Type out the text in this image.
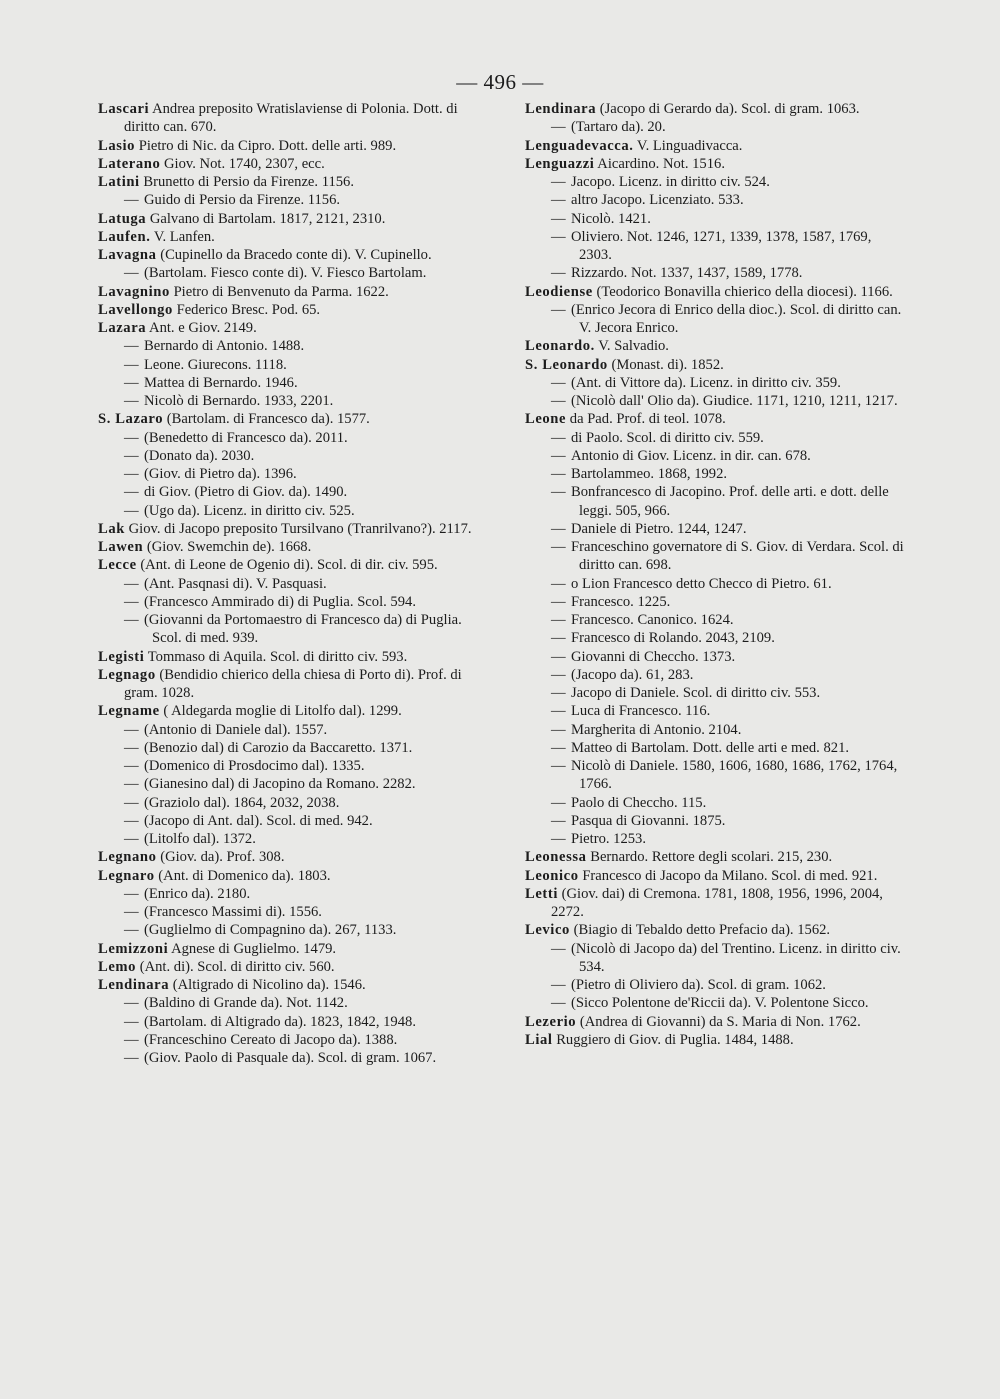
— 496 —

Lascari Andrea preposito Wratislaviense di Polonia. Dott. di diritto can. 670.

Lasio Pietro di Nic. da Cipro. Dott. delle arti. 989.

Laterano Giov. Not. 1740, 2307, ecc.

Latini Brunetto di Persio da Firenze. 1156.

— Guido di Persio da Firenze. 1156.

Latuga Galvano di Bartolam. 1817, 2121, 2310.

Laufen. V. Lanfen.

Lavagna (Cupinello da Bracedo conte di). V. Cupinello.

— (Bartolam. Fiesco conte di). V. Fiesco Bartolam.

Lavagnino Pietro di Benvenuto da Parma. 1622.

Lavellongo Federico Bresc. Pod. 65.

Lazara Ant. e Giov. 2149.

— Bernardo di Antonio. 1488.

— Leone. Giurecons. 1118.

— Mattea di Bernardo. 1946.

— Nicolò di Bernardo. 1933, 2201.

S. Lazaro (Bartolam. di Francesco da). 1577.

— (Benedetto di Francesco da). 2011.

— (Donato da). 2030.

— (Giov. di Pietro da). 1396.

— di Giov. (Pietro di Giov. da). 1490.

— (Ugo da). Licenz. in diritto civ. 525.

Lak Giov. di Jacopo preposito Tursilvano (Tranrilvano?). 2117.

Lawen (Giov. Swemchin de). 1668.

Lecce (Ant. di Leone de Ogenio di). Scol. di dir. civ. 595.

— (Ant. Pasqnasi di). V. Pasquasi.

— (Francesco Ammirado di) di Puglia. Scol. 594.

— (Giovanni da Portomaestro di Francesco da) di Puglia. Scol. di med. 939.

Legisti Tommaso di Aquila. Scol. di diritto civ. 593.

Legnago (Bendidio chierico della chiesa di Porto di). Prof. di gram. 1028.

Legname ( Aldegarda moglie di Litolfo dal). 1299.

— (Antonio di Daniele dal). 1557.

— (Benozio dal) di Carozio da Baccaretto. 1371.

— (Domenico di Prosdocimo dal). 1335.

— (Gianesino dal) di Jacopino da Romano. 2282.

— (Graziolo dal). 1864, 2032, 2038.

— (Jacopo di Ant. dal). Scol. di med. 942.

— (Litolfo dal). 1372.

Legnano (Giov. da). Prof. 308.

Legnaro (Ant. di Domenico da). 1803.

— (Enrico da). 2180.

— (Francesco Massimi di). 1556.

— (Guglielmo di Compagnino da). 267, 1133.

Lemizzoni Agnese di Guglielmo. 1479.

Lemo (Ant. di). Scol. di diritto civ. 560.

Lendinara (Altigrado di Nicolino da). 1546.

— (Baldino di Grande da). Not. 1142.

— (Bartolam. di Altigrado da). 1823, 1842, 1948.

— (Franceschino Cereato di Jacopo da). 1388.

— (Giov. Paolo di Pasquale da). Scol. di gram. 1067.

Lendinara (Jacopo di Gerardo da). Scol. di gram. 1063.

— (Tartaro da). 20.

Lenguadevacca. V. Linguadivacca.

Lenguazzi Aicardino. Not. 1516.

— Jacopo. Licenz. in diritto civ. 524.

— altro Jacopo. Licenziato. 533.

— Nicolò. 1421.

— Oliviero. Not. 1246, 1271, 1339, 1378, 1587, 1769, 2303.

— Rizzardo. Not. 1337, 1437, 1589, 1778.

Leodiense (Teodorico Bonavilla chierico della diocesi). 1166.

— (Enrico Jecora di Enrico della dioc.). Scol. di diritto can. V. Jecora Enrico.

Leonardo. V. Salvadio.

S. Leonardo (Monast. di). 1852.

— (Ant. di Vittore da). Licenz. in diritto civ. 359.

— (Nicolò dall' Olio da). Giudice. 1171, 1210, 1211, 1217.

Leone da Pad. Prof. di teol. 1078.

— di Paolo. Scol. di diritto civ. 559.

— Antonio di Giov. Licenz. in dir. can. 678.

— Bartolammeo. 1868, 1992.

— Bonfrancesco di Jacopino. Prof. delle arti. e dott. delle leggi. 505, 966.

— Daniele di Pietro. 1244, 1247.

— Franceschino governatore di S. Giov. di Verdara. Scol. di diritto can. 698.

— o Lion Francesco detto Checco di Pietro. 61.

— Francesco. 1225.

— Francesco. Canonico. 1624.

— Francesco di Rolando. 2043, 2109.

— Giovanni di Checcho. 1373.

— (Jacopo da). 61, 283.

— Jacopo di Daniele. Scol. di diritto civ. 553.

— Luca di Francesco. 116.

— Margherita di Antonio. 2104.

— Matteo di Bartolam. Dott. delle arti e med. 821.

— Nicolò di Daniele. 1580, 1606, 1680, 1686, 1762, 1764, 1766.

— Paolo di Checcho. 115.

— Pasqua di Giovanni. 1875.

— Pietro. 1253.

Leonessa Bernardo. Rettore degli scolari. 215, 230.

Leonico Francesco di Jacopo da Milano. Scol. di med. 921.

Letti (Giov. dai) di Cremona. 1781, 1808, 1956, 1996, 2004, 2272.

Levico (Biagio di Tebaldo detto Prefacio da). 1562.

— (Nicolò di Jacopo da) del Trentino. Licenz. in diritto civ. 534.

— (Pietro di Oliviero da). Scol. di gram. 1062.

— (Sicco Polentone de'Riccii da). V. Polentone Sicco.

Lezerio (Andrea di Giovanni) da S. Maria di Non. 1762.

Lial Ruggiero di Giov. di Puglia. 1484, 1488.
